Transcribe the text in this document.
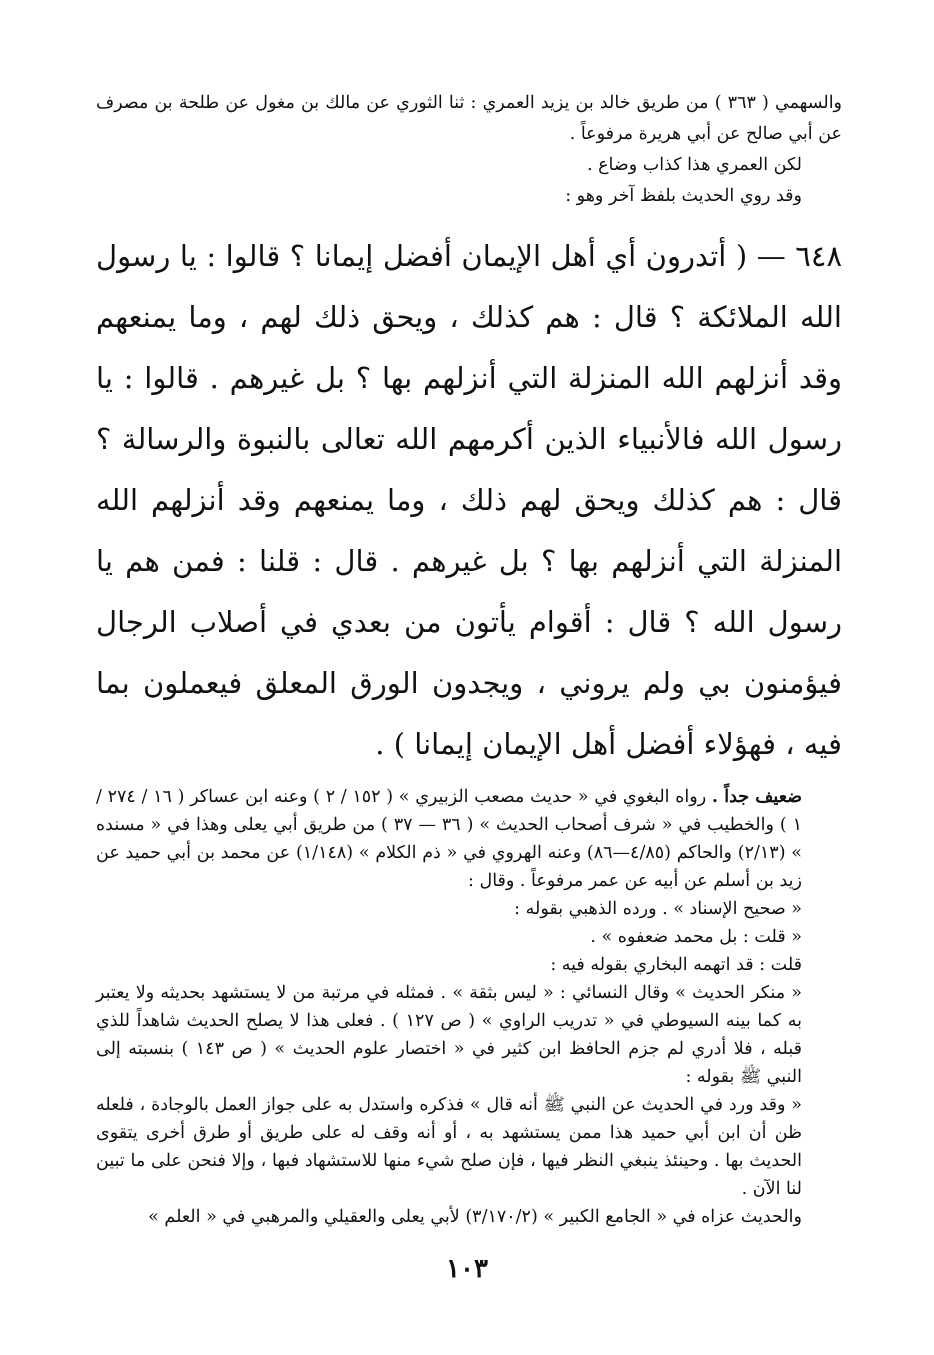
والسهمي ( ٣٦٣ ) من طريق خالد بن يزيد العمري : ثنا الثوري عن مالك بن مغول عن طلحة بن مصرف عن أبي صالح عن أبي هريرة مرفوعاً .

لكن العمري هذا كذاب وضاع .

وقد روي الحديث بلفظ آخر وهو :

٦٤٨ — ( أتدرون أي أهل الإيمان أفضل إيمانا ؟ قالوا : يا رسول الله الملائكة ؟ قال : هم كذلك ، ويحق ذلك لهم ، وما يمنعهم وقد أنزلهم الله المنزلة التي أنزلهم بها ؟ بل غيرهم . قالوا : يا رسول الله فالأنبياء الذين أكرمهم الله تعالى بالنبوة والرسالة ؟ قال : هم كذلك ويحق لهم ذلك ، وما يمنعهم وقد أنزلهم الله المنزلة التي أنزلهم بها ؟ بل غيرهم . قال : قلنا : فمن هم يا رسول الله ؟ قال : أقوام يأتون من بعدي في أصلاب الرجال فيؤمنون بي ولم يروني ، ويجدون الورق المعلق فيعملون بما فيه ، فهؤلاء أفضل أهل الإيمان إيمانا ) .

ضعيف جداً . رواه البغوي في « حديث مصعب الزبيري » ( ١٥٢ / ٢ ) وعنه ابن عساكر ( ١٦ / ٢٧٤ / ١ ) والخطيب في « شرف أصحاب الحديث » ( ٣٦ — ٣٧ ) من طريق أبي يعلى وهذا في « مسنده » (٢/١٣) والحاكم (٤/٨٥—٨٦) وعنه الهروي في « ذم الكلام » (١/١٤٨) عن محمد بن أبي حميد عن زيد بن أسلم عن أبيه عن عمر مرفوعاً . وقال :

« صحيح الإسناد » . ورده الذهبي بقوله :

« قلت : بل محمد ضعفوه » .

قلت : قد اتهمه البخاري بقوله فيه :

« منكر الحديث » وقال النسائي : « ليس بثقة » . فمثله في مرتبة من لا يستشهد بحديثه ولا يعتبر به كما بينه السيوطي في « تدريب الراوي » ( ص ١٢٧ ) . فعلى هذا لا يصلح الحديث شاهداً للذي قبله ، فلا أدري لم جزم الحافظ ابن كثير في « اختصار علوم الحديث » ( ص ١٤٣ ) بنسبته إلى النبي ﷺ بقوله :

« وقد ورد في الحديث عن النبي ﷺ أنه قال » فذكره واستدل به على جواز العمل بالوجادة ، فلعله ظن أن ابن أبي حميد هذا ممن يستشهد به ، أو أنه وقف له على طريق أو طرق أخرى يتقوى الحديث بها . وحينئذ ينبغي النظر فيها ، فإن صلح شيء منها للاستشهاد فبها ، وإلا فنحن على ما تبين لنا الآن .

والحديث عزاه في « الجامع الكبير » (٣/١٧٠/٢) لأبي يعلى والعقيلي والمرهبي في « العلم »

١٠٣
